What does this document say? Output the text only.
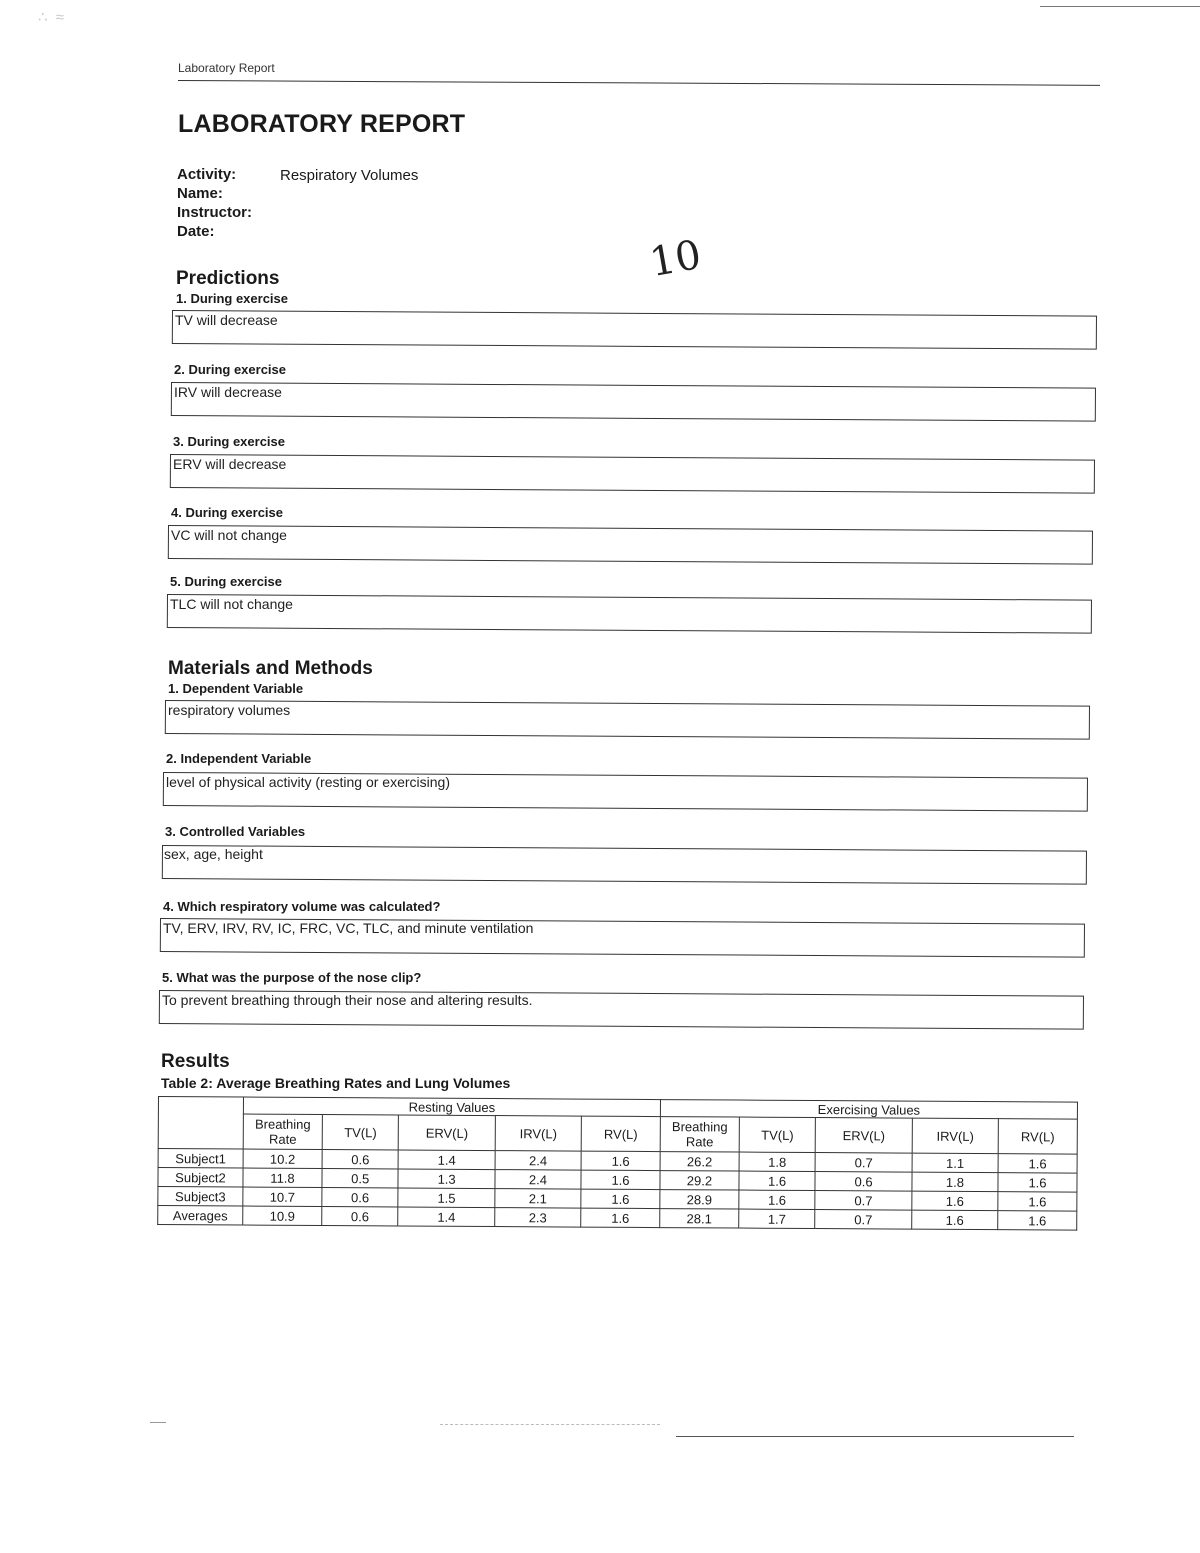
∴ ≈
Laboratory Report
LABORATORY REPORT
Activity:
Name:
Instructor:
Date:
Respiratory Volumes
10
Predictions
1. During exercise
TV will decrease
2. During exercise
IRV will decrease
3. During exercise
ERV will decrease
4. During exercise
VC will not change
5. During exercise
TLC will not change
Materials and Methods
1. Dependent Variable
respiratory volumes
2. Independent Variable
level of physical activity (resting or exercising)
3. Controlled Variables
sex, age, height
4. Which respiratory volume was calculated?
TV, ERV, IRV, RV, IC, FRC, VC, TLC, and minute ventilation
5. What was the purpose of the nose clip?
To prevent breathing through their nose and altering results.
Results
Table 2: Average Breathing Rates and Lung Volumes
	Resting Values					Exercising Values				
	Breathing Rate	TV(L)	ERV(L)	IRV(L)	RV(L)	Breathing Rate	TV(L)	ERV(L)	IRV(L)	RV(L)
Subject1	10.2	0.6	1.4	2.4	1.6	26.2	1.8	0.7	1.1	1.6
Subject2	11.8	0.5	1.3	2.4	1.6	29.2	1.6	0.6	1.8	1.6
Subject3	10.7	0.6	1.5	2.1	1.6	28.9	1.6	0.7	1.6	1.6
Averages	10.9	0.6	1.4	2.3	1.6	28.1	1.7	0.7	1.6	1.6
